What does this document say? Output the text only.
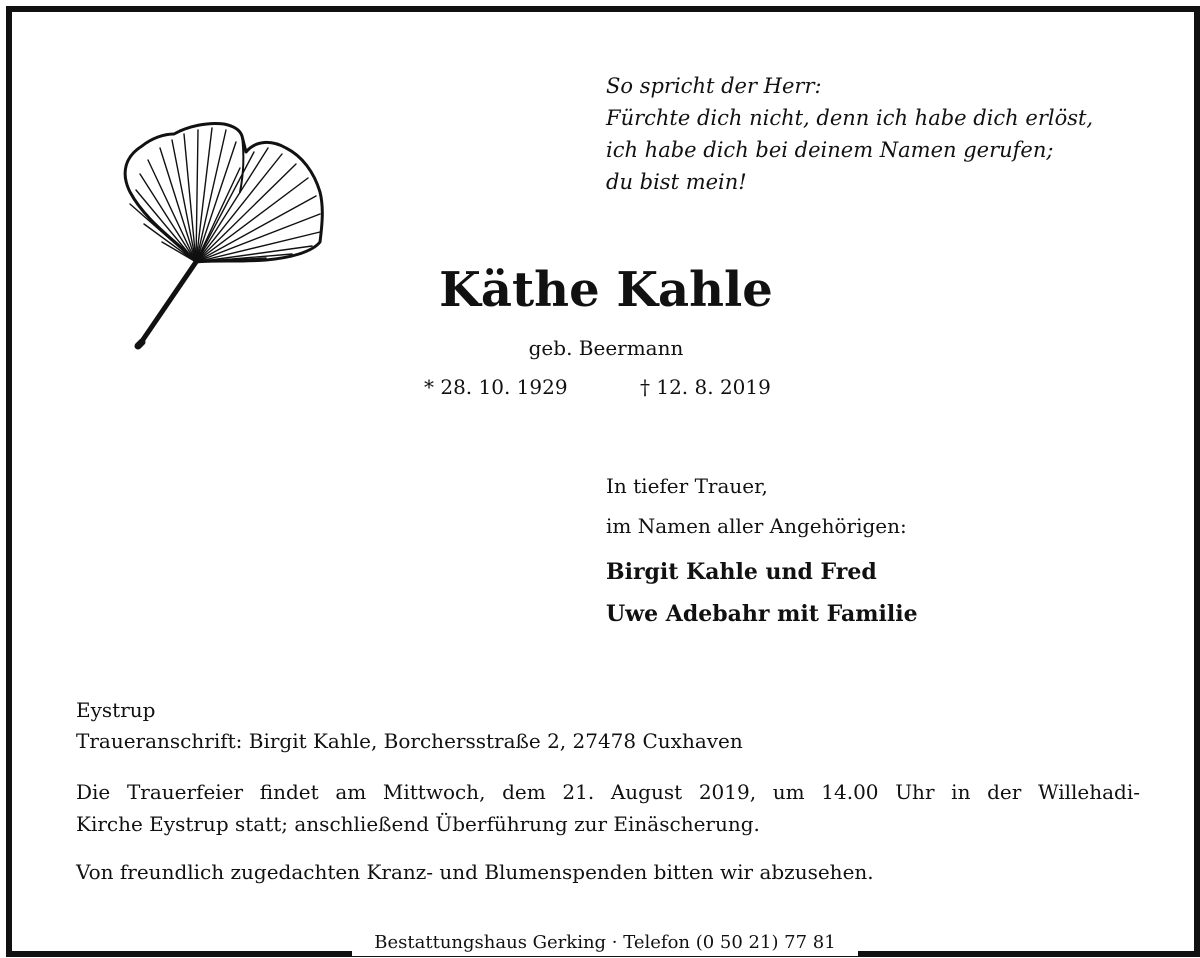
So spricht der Herr:
Fürchte dich nicht, denn ich habe dich erlöst,
ich habe dich bei deinem Namen gerufen;
du bist mein!
Käthe Kahle
geb. Beermann
* 28. 10. 1929	† 12. 8. 2019
In tiefer Trauer,
im Namen aller Angehörigen:
Birgit Kahle und Fred
Uwe Adebahr mit Familie
Eystrup
Traueranschrift: Birgit Kahle, Borchersstraße 2, 27478 Cuxhaven
Die Trauerfeier findet am Mittwoch, dem 21. August 2019, um 14.00 Uhr in der Willehadi-
Kirche Eystrup statt; anschließend Überführung zur Einäscherung.
Von freundlich zugedachten Kranz- und Blumenspenden bitten wir abzusehen.
Bestattungshaus Gerking · Telefon (0 50 21) 77 81
